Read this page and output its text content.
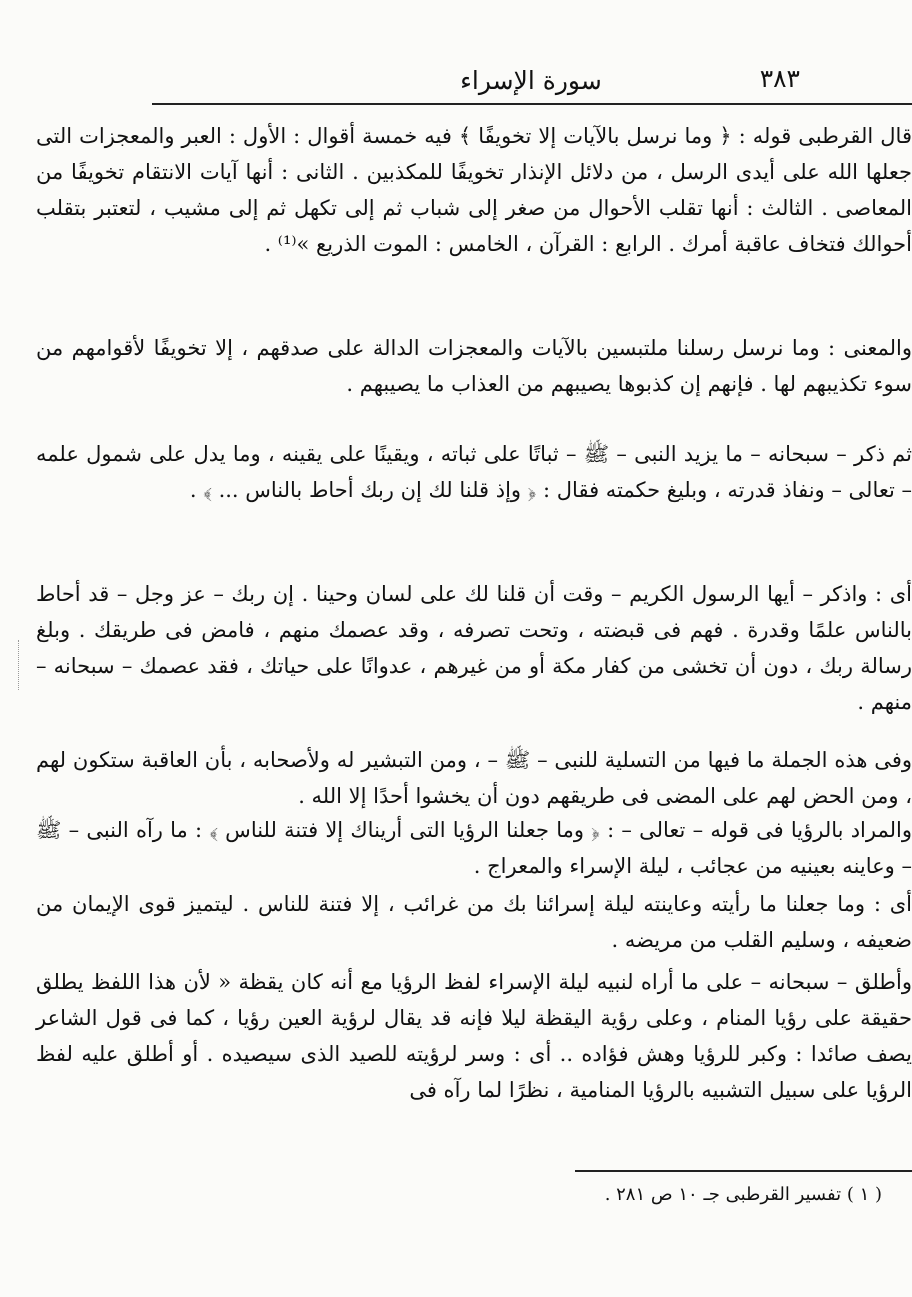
سورة الإسراء	٣٨٣

قال القرطبى قوله : ﴿ وما نرسل بالآيات إلا تخويفًا ﴾ فيه خمسة أقوال : الأول : العبر والمعجزات التى جعلها الله على أيدى الرسل ، من دلائل الإنذار تخويفًا للمكذبين . الثانى : أنها آيات الانتقام تخويفًا من المعاصى . الثالث : أنها تقلب الأحوال من صغر إلى شباب ثم إلى تكهل ثم إلى مشيب ، لتعتبر بتقلب أحوالك فتخاف عاقبة أمرك . الرابع : القرآن ، الخامس : الموت الذريع »⁽¹⁾ .

والمعنى : وما نرسل رسلنا ملتبسين بالآيات والمعجزات الدالة على صدقهم ، إلا تخويفًا لأقوامهم من سوء تكذيبهم لها . فإنهم إن كذبوها يصيبهم من العذاب ما يصيبهم .

ثم ذكر – سبحانه – ما يزيد النبى – ﷺ – ثباتًا على ثباته ، ويقينًا على يقينه ، وما يدل على شمول علمه – تعالى – ونفاذ قدرته ، وبليغ حكمته فقال : ﴿ وإذ قلنا لك إن ربك أحاط بالناس ... ﴾ .

أى : واذكر – أيها الرسول الكريم – وقت أن قلنا لك على لسان وحينا . إن ربك – عز وجل – قد أحاط بالناس علمًا وقدرة . فهم فى قبضته ، وتحت تصرفه ، وقد عصمك منهم ، فامض فى طريقك . وبلغ رسالة ربك ، دون أن تخشى من كفار مكة أو من غيرهم ، عدوانًا على حياتك ، فقد عصمك – سبحانه – منهم .

وفى هذه الجملة ما فيها من التسلية للنبى – ﷺ – ، ومن التبشير له ولأصحابه ، بأن العاقبة ستكون لهم ، ومن الحض لهم على المضى فى طريقهم دون أن يخشوا أحدًا إلا الله .

والمراد بالرؤيا فى قوله – تعالى – : ﴿ وما جعلنا الرؤيا التى أريناك إلا فتنة للناس ﴾ : ما رآه النبى – ﷺ – وعاينه بعينيه من عجائب ، ليلة الإسراء والمعراج .

أى : وما جعلنا ما رأيته وعاينته ليلة إسرائنا بك من غرائب ، إلا فتنة للناس . ليتميز قوى الإيمان من ضعيفه ، وسليم القلب من مريضه .

وأطلق – سبحانه – على ما أراه لنبيه ليلة الإسراء لفظ الرؤيا مع أنه كان يقظة « لأن هذا اللفظ يطلق حقيقة على رؤيا المنام ، وعلى رؤية اليقظة ليلا فإنه قد يقال لرؤية العين رؤيا ، كما فى قول الشاعر يصف صائدا : وكبر للرؤيا وهش فؤاده .. أى : وسر لرؤيته للصيد الذى سيصيده . أو أطلق عليه لفظ الرؤيا على سبيل التشبيه بالرؤيا المنامية ، نظرًا لما رآه فى

( ١ ) تفسير القرطبى جـ ١٠ ص ٢٨١ .
